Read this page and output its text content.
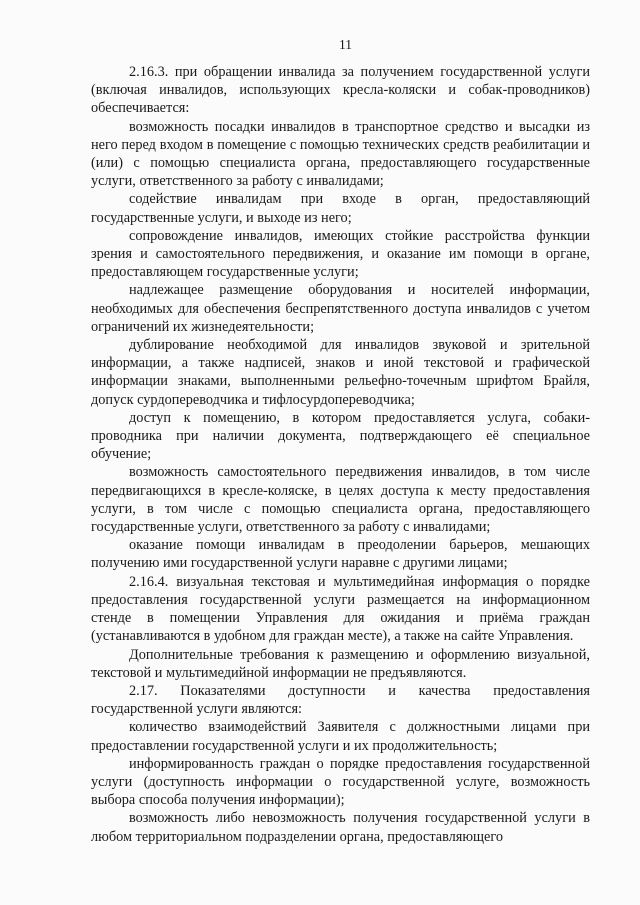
11

2.16.3. при обращении инвалида за получением государственной услуги (включая инвалидов, использующих кресла-коляски и собак-проводников) обеспечивается:

возможность посадки инвалидов в транспортное средство и высадки из него перед входом в помещение с помощью технических средств реабилитации и (или) с помощью специалиста органа, предоставляющего государственные услуги, ответственного за работу с инвалидами;

содействие инвалидам при входе в орган, предоставляющий государственные услуги, и выходе из него;

сопровождение инвалидов, имеющих стойкие расстройства функции зрения и самостоятельного передвижения, и оказание им помощи в органе, предоставляющем государственные услуги;

надлежащее размещение оборудования и носителей информации, необходимых для обеспечения беспрепятственного доступа инвалидов с учетом ограничений их жизнедеятельности;

дублирование необходимой для инвалидов звуковой и зрительной информации, а также надписей, знаков и иной текстовой и графической информации знаками, выполненными рельефно-точечным шрифтом Брайля, допуск сурдопереводчика и тифлосурдопереводчика;

доступ к помещению, в котором предоставляется услуга, собаки-проводника при наличии документа, подтверждающего её специальное обучение;

возможность самостоятельного передвижения инвалидов, в том числе передвигающихся в кресле-коляске, в целях доступа к месту предоставления услуги, в том числе с помощью специалиста органа, предоставляющего государственные услуги, ответственного за работу с инвалидами;

оказание помощи инвалидам в преодолении барьеров, мешающих получению ими государственной услуги наравне с другими лицами;

2.16.4. визуальная текстовая и мультимедийная информация о порядке предоставления государственной услуги размещается на информационном стенде в помещении Управления для ожидания и приёма граждан (устанавливаются в удобном для граждан месте), а также на сайте Управления.

Дополнительные требования к размещению и оформлению визуальной, текстовой и мультимедийной информации не предъявляются.

2.17. Показателями доступности и качества предоставления государственной услуги являются:

количество взаимодействий Заявителя с должностными лицами при предоставлении государственной услуги и их продолжительность;

информированность граждан о порядке предоставления государственной услуги (доступность информации о государственной услуге, возможность выбора способа получения информации);

возможность либо невозможность получения государственной услуги в любом территориальном подразделении органа, предоставляющего
